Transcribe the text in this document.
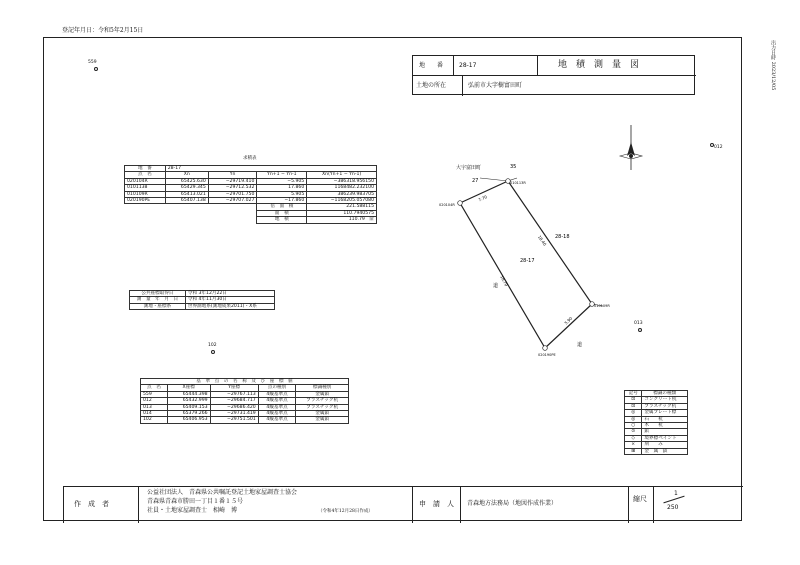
登記年月日：令和5年2月15日
出力日時 2023/12/05
559
012
013
102
地　　番	28-17	地　積　測　量　図
土地の所在	弘前市大字樹富田町
求積表
地　番	28-17			
点　名	Xn	Yn	Yn+1 − Yn-1	Xn(Yn+1 − Yn-1)
020104R	65425.630	−29719.410	−5.905	−386318.956150
0101138	65429.345	−29712.532	17.860	1168482.232100
010109R	65413.021	−29701.750	5.905	386239.983705
020190PE	65407.138	−29707.027	−17.860	−1168205.057080
			倍　面　積	221.588115
			面　積	110.7940575
			地　積	110.79　㎡
公共座標取得日	令和 3年12月22日
測　量　年　月　日	令和 4年11月30日
測地・座標系	世界測地系(測地成果2011)・X系
基　準　点　の　名　称　及　び　座　標　値				
点　名	X座標	Y座標	点の種別	標識種別
559	65444.398	−29767.113	4級基準点	金属鋲
012	65432.999	−29684.717	4級基準点	プラスチック杭
013	65409.153	−29686.420	4級基準点	プラスチック杭
014	65379.266	−29731.419	4級基準点	金属鋲
102	65406.953	−29751.501	4級基準点	金属鋲
記号	標識の種類
⊡	コンクリート杭
⊡	プラスチック杭
◎	金属プレート標
◎	石　　杭
○	木　　杭
⊙	鋲
◇	境界標ペイント
×	刻　　み
⊞	金　属　鋲
大宇富田町	35
27
28-17
28-18
道
道
020104R
010113R
010109R
020190PE
7.70
18.40
5.90
18.70
作　成　者
公益社団法人　青森県公共嘱託登記土地家屋調査士協会
青森県青森市勝田一丁目１番１５号
社員・土地家屋調査士　相崎　博	（令和4年12月28日作成）
申　請　人 青森地方法務局（地図作成作業）
縮尺
1
250
